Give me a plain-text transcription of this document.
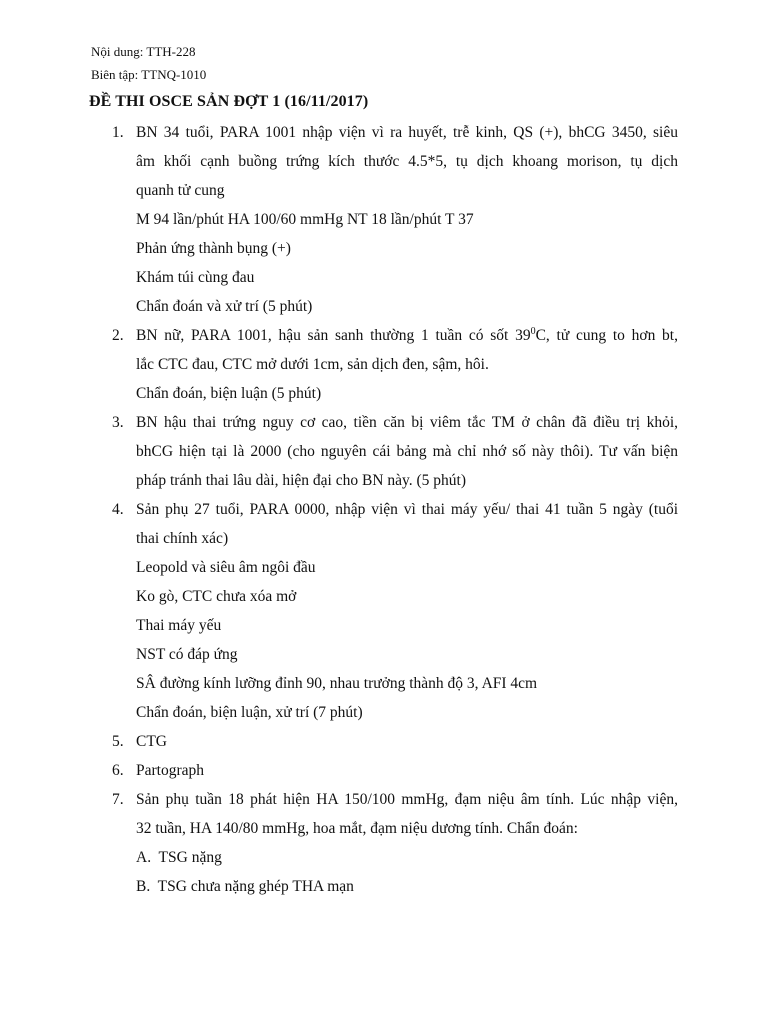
Nội dung: TTH-228
Biên tập: TTNQ-1010
ĐỀ THI OSCE SẢN ĐỢT 1 (16/11/2017)
1. BN 34 tuổi, PARA 1001 nhập viện vì ra huyết, trễ kinh, QS (+), bhCG 3450, siêu
âm khối cạnh buồng trứng kích thước 4.5*5, tụ dịch khoang morison, tụ dịch
quanh tử cung
M 94 lần/phút HA 100/60 mmHg NT 18 lần/phút T 37
Phản ứng thành bụng (+)
Khám túi cùng đau
Chẩn đoán và xử trí (5 phút)
2. BN nữ, PARA 1001, hậu sản sanh thường 1 tuần có sốt $39^0C$, tử cung to hơn bt,
lắc CTC đau, CTC mở dưới 1cm, sản dịch đen, sậm, hôi.
Chẩn đoán, biện luận (5 phút)
3. BN hậu thai trứng nguy cơ cao, tiền căn bị viêm tắc TM ở chân đã điều trị khỏi,
bhCG hiện tại là 2000 (cho nguyên cái bảng mà chỉ nhớ số này thôi). Tư vấn biện
pháp tránh thai lâu dài, hiện đại cho BN này. (5 phút)
4. Sản phụ 27 tuổi, PARA 0000, nhập viện vì thai máy yếu/ thai 41 tuần 5 ngày (tuổi
thai chính xác)
Leopold và siêu âm ngôi đầu
Ko gò, CTC chưa xóa mở
Thai máy yếu
NST có đáp ứng
SÂ đường kính lưỡng đỉnh 90, nhau trưởng thành độ 3, AFI 4cm
Chẩn đoán, biện luận, xử trí (7 phút)
5. CTG
6. Partograph
7. Sản phụ tuần 18 phát hiện HA 150/100 mmHg, đạm niệu âm tính. Lúc nhập viện,
32 tuần, HA 140/80 mmHg, hoa mắt, đạm niệu dương tính. Chẩn đoán:
A.  TSG nặng
B.  TSG chưa nặng ghép THA mạn
